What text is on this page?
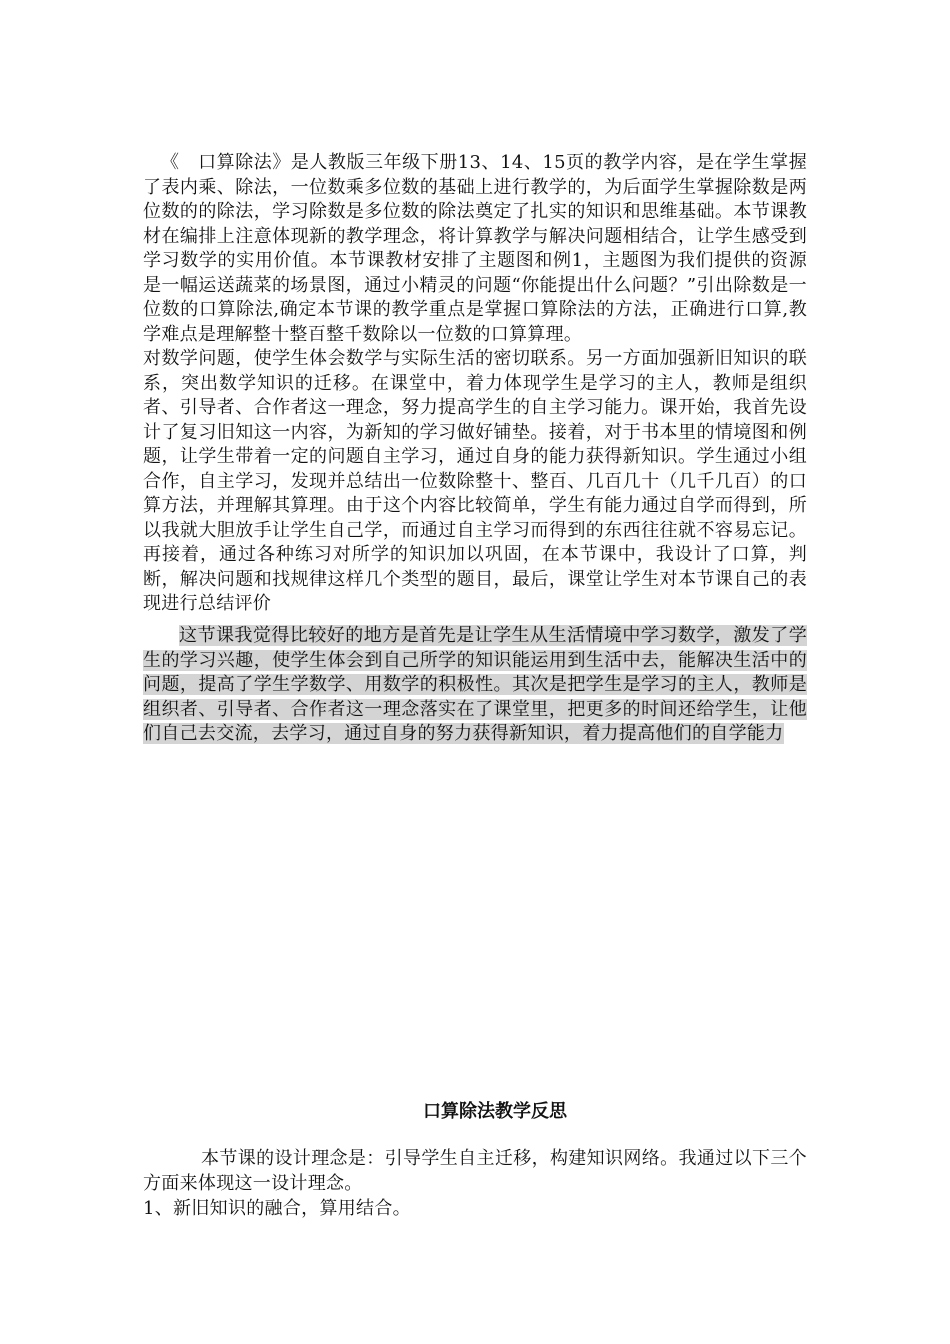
《　口算除法》是人教版三年级下册13、14、15页的教学内容，是在学生掌握了表内乘、除法，一位数乘多位数的基础上进行教学的，为后面学生掌握除数是两位数的的除法，学习除数是多位数的除法奠定了扎实的知识和思维基础。本节课教材在编排上注意体现新的教学理念，将计算教学与解决问题相结合，让学生感受到学习数学的实用价值。本节课教材安排了主题图和例1，主题图为我们提供的资源是一幅运送蔬菜的场景图，通过小精灵的问题“你能提出什么问题？”引出除数是一位数的口算除法,确定本节课的教学重点是掌握口算除法的方法，正确进行口算,教学难点是理解整十整百整千数除以一位数的口算算理。

对数学问题，使学生体会数学与实际生活的密切联系。另一方面加强新旧知识的联系，突出数学知识的迁移。在课堂中，着力体现学生是学习的主人，教师是组织者、引导者、合作者这一理念，努力提高学生的自主学习能力。课开始，我首先设计了复习旧知这一内容，为新知的学习做好铺垫。接着，对于书本里的情境图和例题，让学生带着一定的问题自主学习，通过自身的能力获得新知识。学生通过小组合作，自主学习，发现并总结出一位数除整十、整百、几百几十（几千几百）的口算方法，并理解其算理。由于这个内容比较简单，学生有能力通过自学而得到，所以我就大胆放手让学生自己学，而通过自主学习而得到的东西往往就不容易忘记。再接着，通过各种练习对所学的知识加以巩固，在本节课中，我设计了口算，判断，解决问题和找规律这样几个类型的题目，最后，课堂让学生对本节课自己的表现进行总结评价

这节课我觉得比较好的地方是首先是让学生从生活情境中学习数学，激发了学生的学习兴趣，使学生体会到自己所学的知识能运用到生活中去，能解决生活中的问题，提高了学生学数学、用数学的积极性。其次是把学生是学习的主人，教师是组织者、引导者、合作者这一理念落实在了课堂里，把更多的时间还给学生，让他们自己去交流，去学习，通过自身的努力获得新知识，着力提高他们的自学能力

口算除法教学反思

本节课的设计理念是：引导学生自主迁移，构建知识网络。我通过以下三个方面来体现这一设计理念。

1、新旧知识的融合，算用结合。
